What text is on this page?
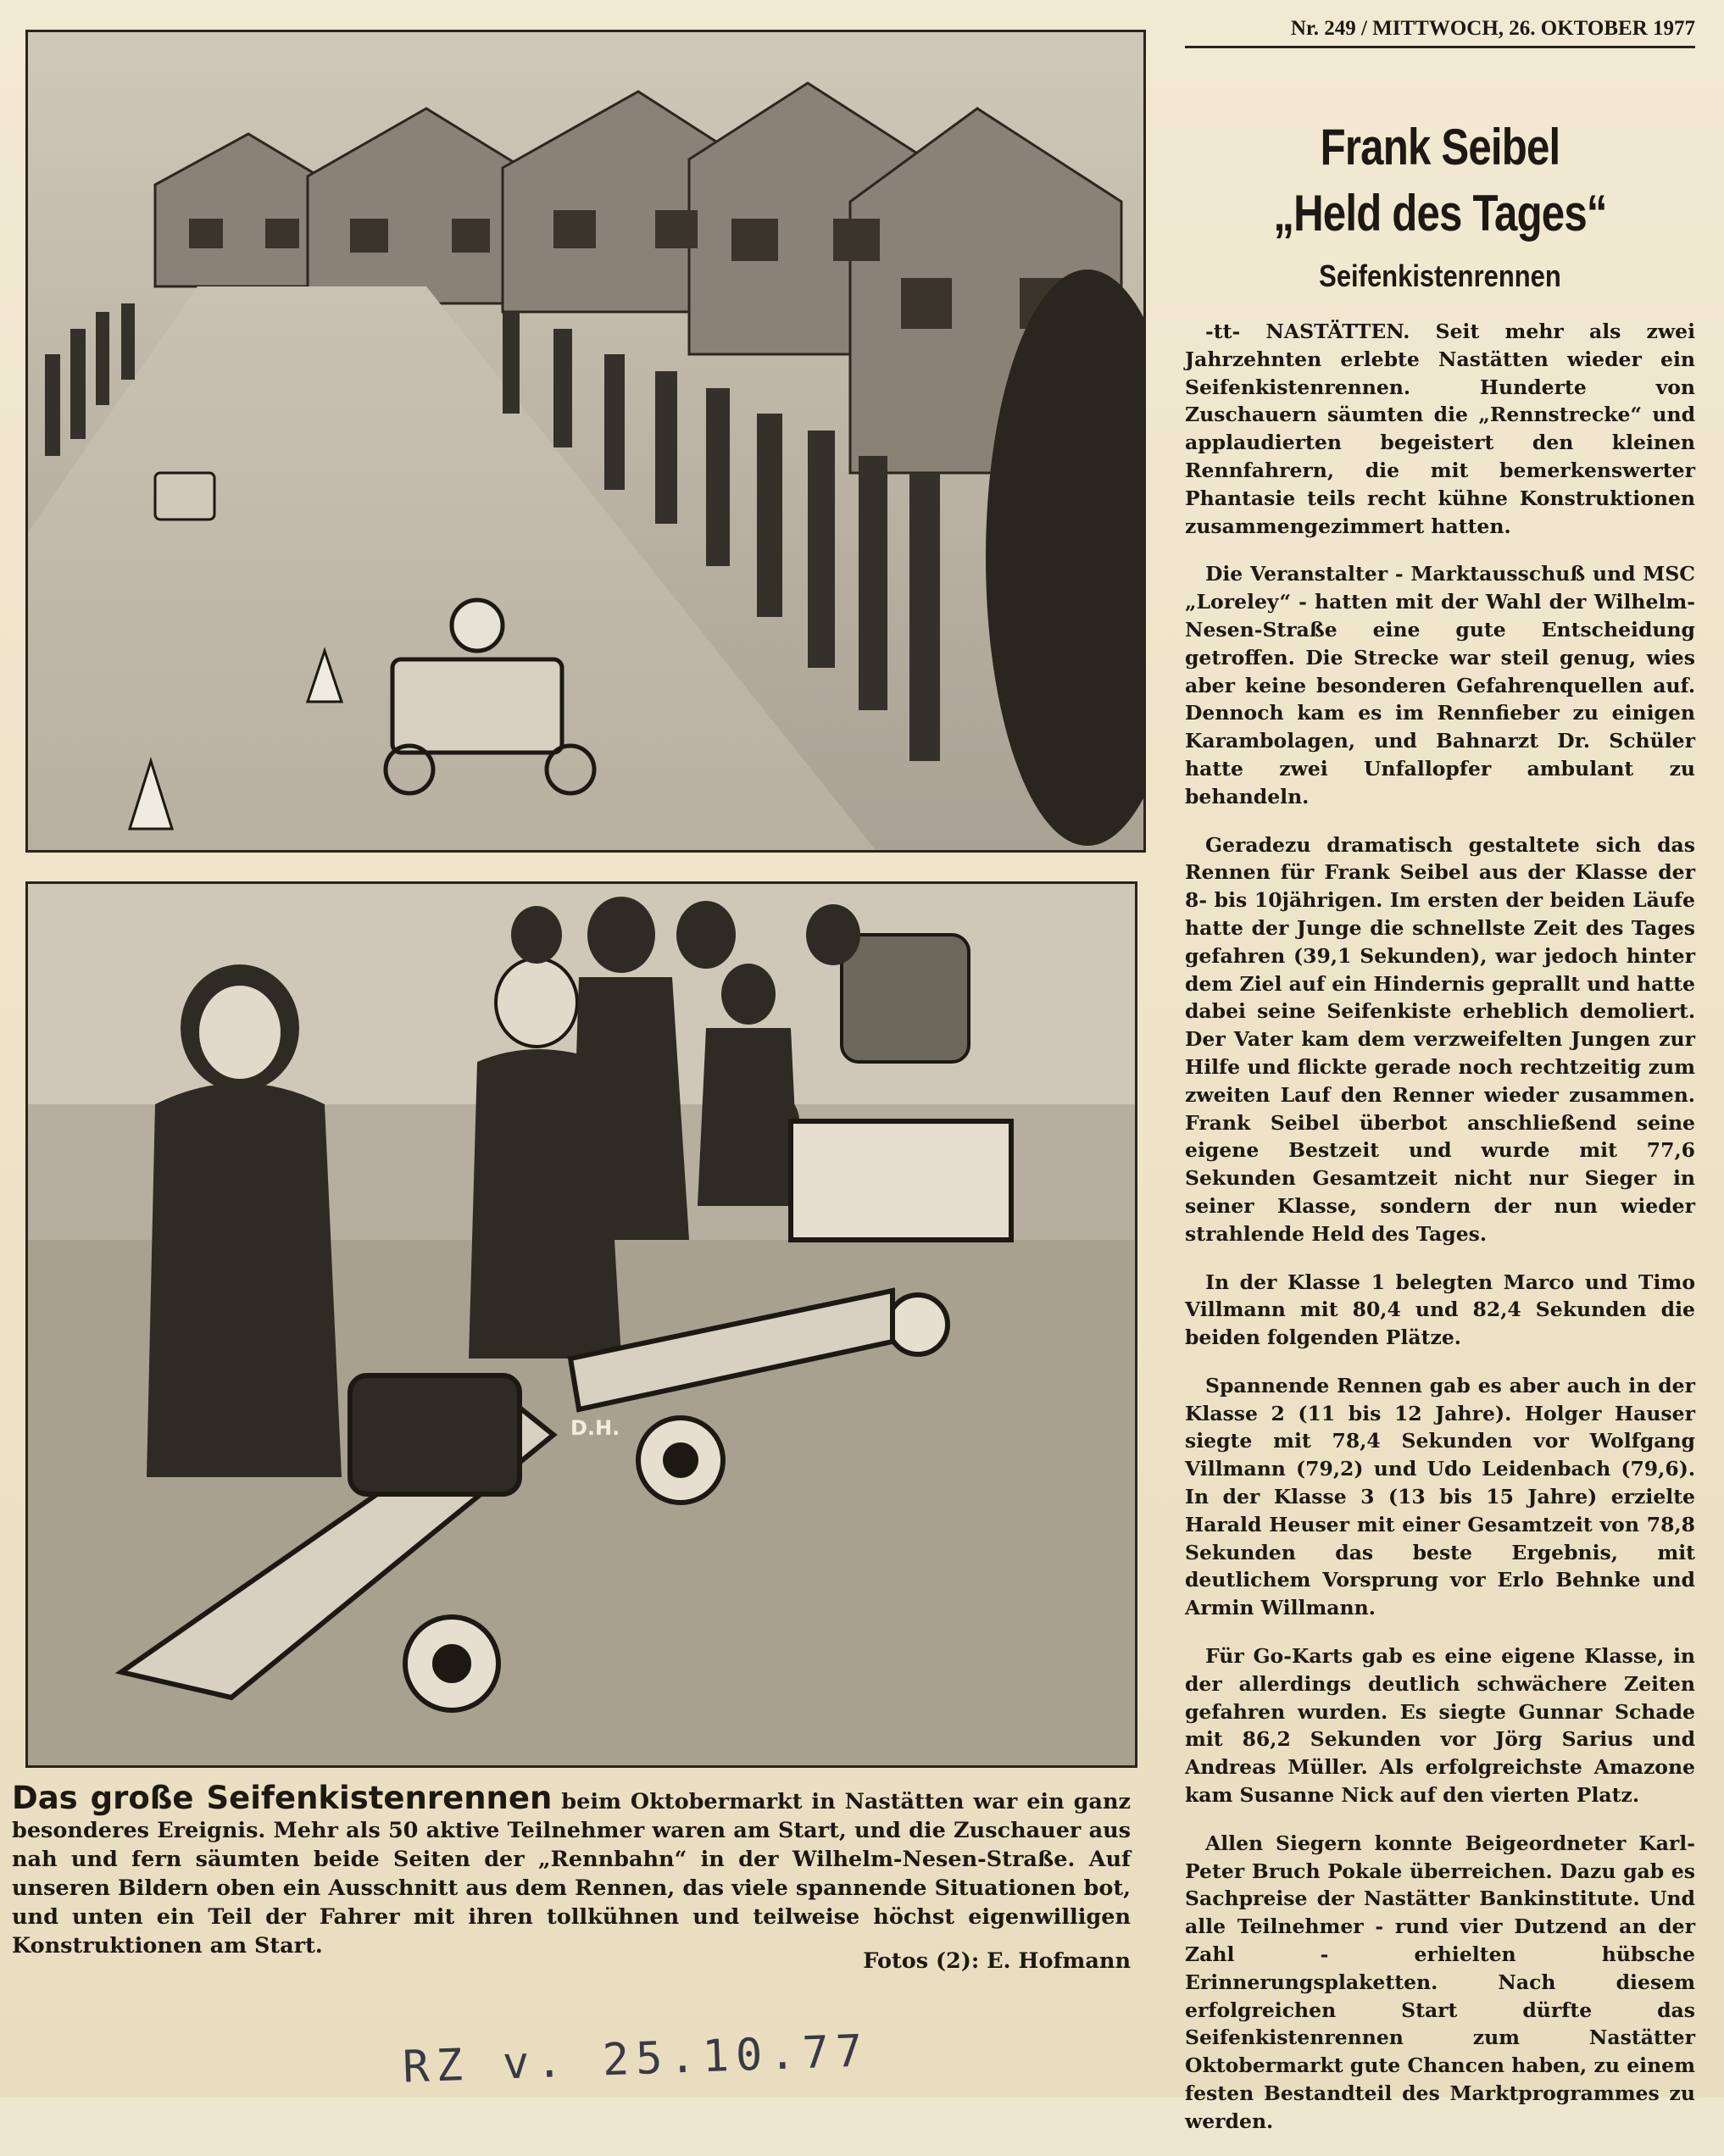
D.H.
Das große Seifenkistenrennen beim Oktobermarkt in Nastätten war ein ganz besonderes Ereignis. Mehr als 50 aktive Teilnehmer waren am Start, und die Zuschauer aus nah und fern säumten beide Seiten der „Rennbahn“ in der Wilhelm-Nesen-Straße. Auf unseren Bildern oben ein Ausschnitt aus dem Rennen, das viele spannende Situationen bot, und unten ein Teil der Fahrer mit ihren tollkühnen und teilweise höchst eigenwilligen Konstruktionen am Start.
Fotos (2): E. Hofmann
RZ v. 25.10.77
Nr. 249 / MITTWOCH, 26. OKTOBER 1977
Frank Seibel
„Held des Tages“
Seifenkistenrennen

-tt- NASTÄTTEN. Seit mehr als zwei Jahrzehnten erlebte Nastätten wieder ein Seifenkistenrennen. Hunderte von Zuschauern säumten die „Rennstrecke“ und applaudierten begeistert den kleinen Rennfahrern, die mit bemerkenswerter Phantasie teils recht kühne Konstruktionen zusammengezimmert hatten.

Die Veranstalter - Marktausschuß und MSC „Loreley“ - hatten mit der Wahl der Wilhelm-Nesen-Straße eine gute Entscheidung getroffen. Die Strecke war steil genug, wies aber keine besonderen Gefahrenquellen auf. Dennoch kam es im Rennfieber zu einigen Karambolagen, und Bahnarzt Dr. Schüler hatte zwei Unfallopfer ambulant zu behandeln.

Geradezu dramatisch gestaltete sich das Rennen für Frank Seibel aus der Klasse der 8- bis 10jährigen. Im ersten der beiden Läufe hatte der Junge die schnellste Zeit des Tages gefahren (39,1 Sekunden), war jedoch hinter dem Ziel auf ein Hindernis geprallt und hatte dabei seine Seifenkiste erheblich demoliert. Der Vater kam dem verzweifelten Jungen zur Hilfe und flickte gerade noch rechtzeitig zum zweiten Lauf den Renner wieder zusammen. Frank Seibel überbot anschließend seine eigene Bestzeit und wurde mit 77,6 Sekunden Gesamtzeit nicht nur Sieger in seiner Klasse, sondern der nun wieder strahlende Held des Tages.

In der Klasse 1 belegten Marco und Timo Villmann mit 80,4 und 82,4 Sekunden die beiden folgenden Plätze.

Spannende Rennen gab es aber auch in der Klasse 2 (11 bis 12 Jahre). Holger Hauser siegte mit 78,4 Sekunden vor Wolfgang Villmann (79,2) und Udo Leidenbach (79,6). In der Klasse 3 (13 bis 15 Jahre) erzielte Harald Heuser mit einer Gesamtzeit von 78,8 Sekunden das beste Ergebnis, mit deutlichem Vorsprung vor Erlo Behnke und Armin Willmann.

Für Go-Karts gab es eine eigene Klasse, in der allerdings deutlich schwächere Zeiten gefahren wurden. Es siegte Gunnar Schade mit 86,2 Sekunden vor Jörg Sarius und Andreas Müller. Als erfolgreichste Amazone kam Susanne Nick auf den vierten Platz.

Allen Siegern konnte Beigeordneter Karl-Peter Bruch Pokale überreichen. Dazu gab es Sachpreise der Nastätter Bankinstitute. Und alle Teilnehmer - rund vier Dutzend an der Zahl - erhielten hübsche Erinnerungsplaketten. Nach diesem erfolgreichen Start dürfte das Seifenkistenrennen zum Nastätter Oktobermarkt gute Chancen haben, zu einem festen Bestandteil des Marktprogrammes zu werden.
